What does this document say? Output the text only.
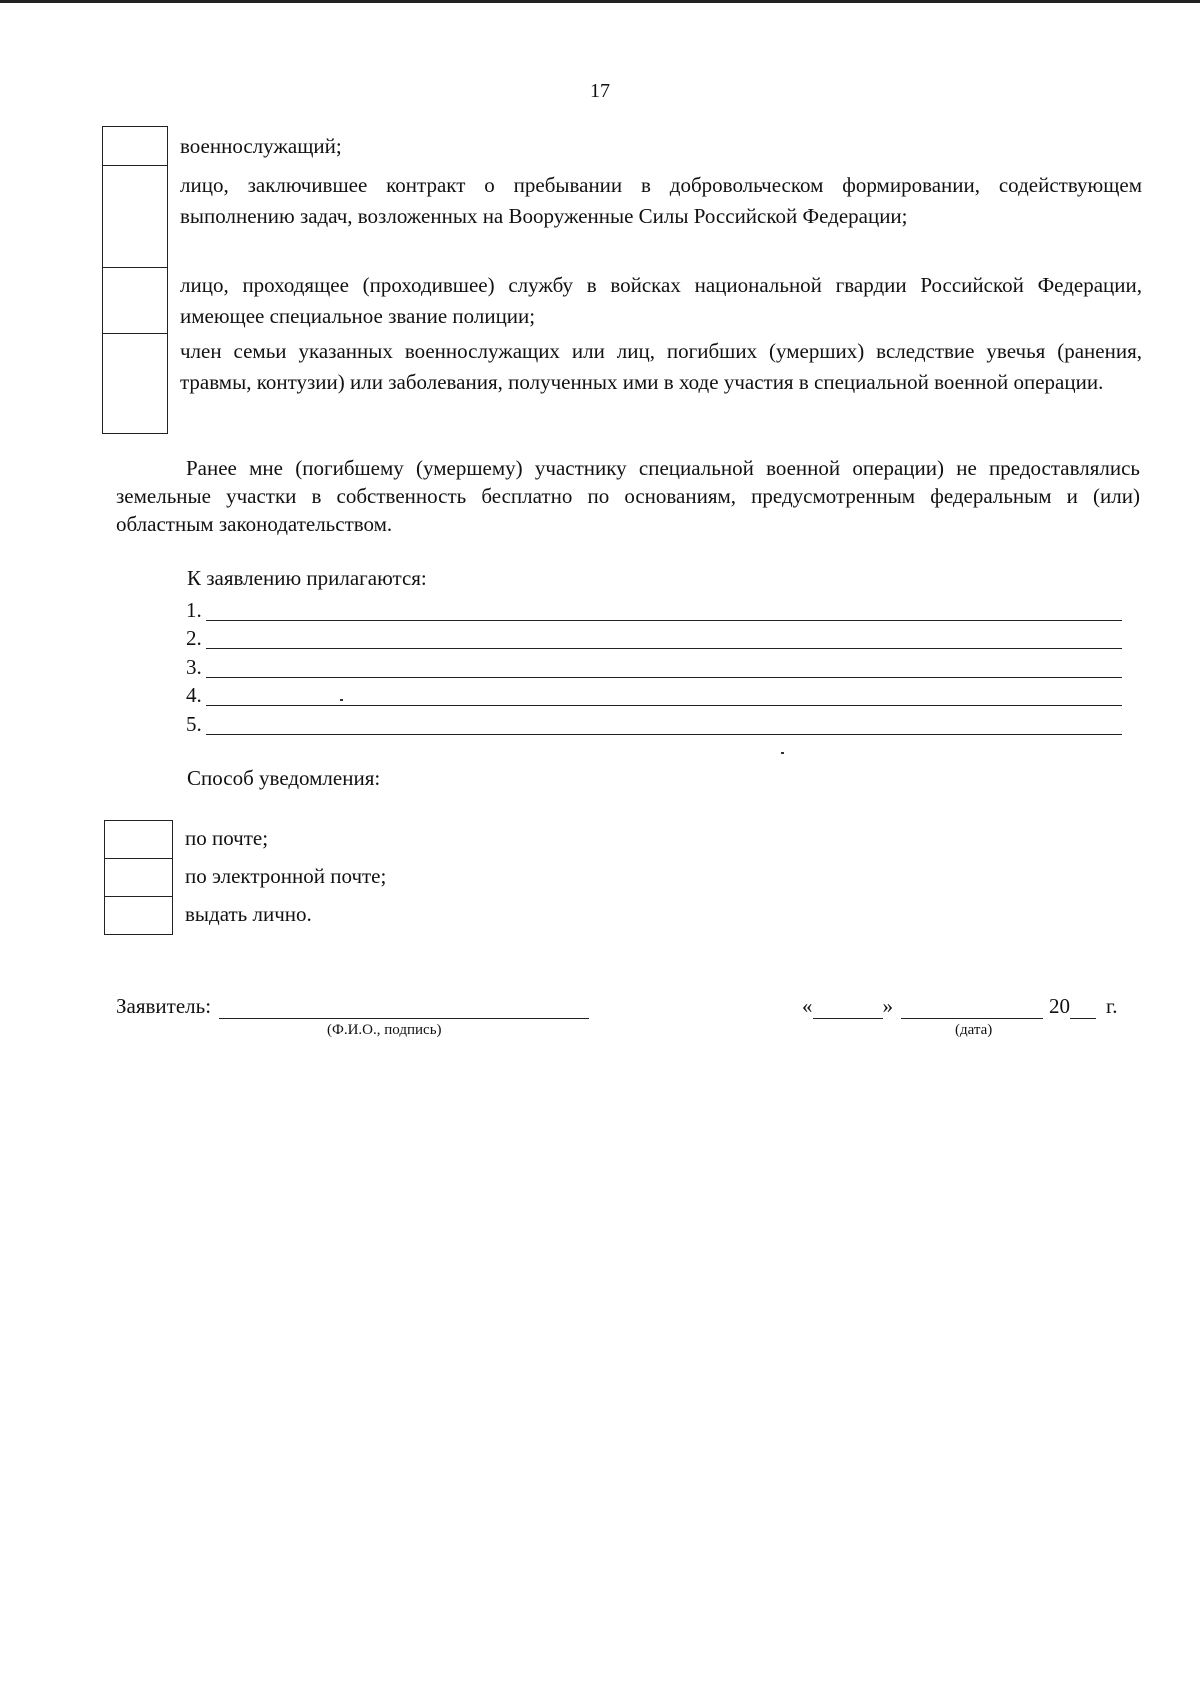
17
	военнослужащий;
	лицо, заключившее контракт о пребывании в добровольческом формировании, содействующем выполнению задач, возложенных на Вооруженные Силы Российской Федерации;
	лицо, проходящее (проходившее) службу в войсках национальной гвардии Российской Федерации, имеющее специальное звание полиции;
	член семьи указанных военнослужащих или лиц, погибших (умерших) вследствие увечья (ранения, травмы, контузии) или заболевания, полученных ими в ходе участия в специальной военной операции.
Ранее мне (погибшему (умершему) участнику специальной военной операции) не предоставлялись земельные участки в собственность бесплатно по основаниям, предусмотренным федеральным и (или) областным законодательством.
К заявлению прилагаются:
1.
2.
3.
4.
5.
Способ уведомления:
	по почте;
	по электронной почте;
	выдать лично.
Заявитель:
(Ф.И.О., подпись)
«	»	20 г.
(дата)
